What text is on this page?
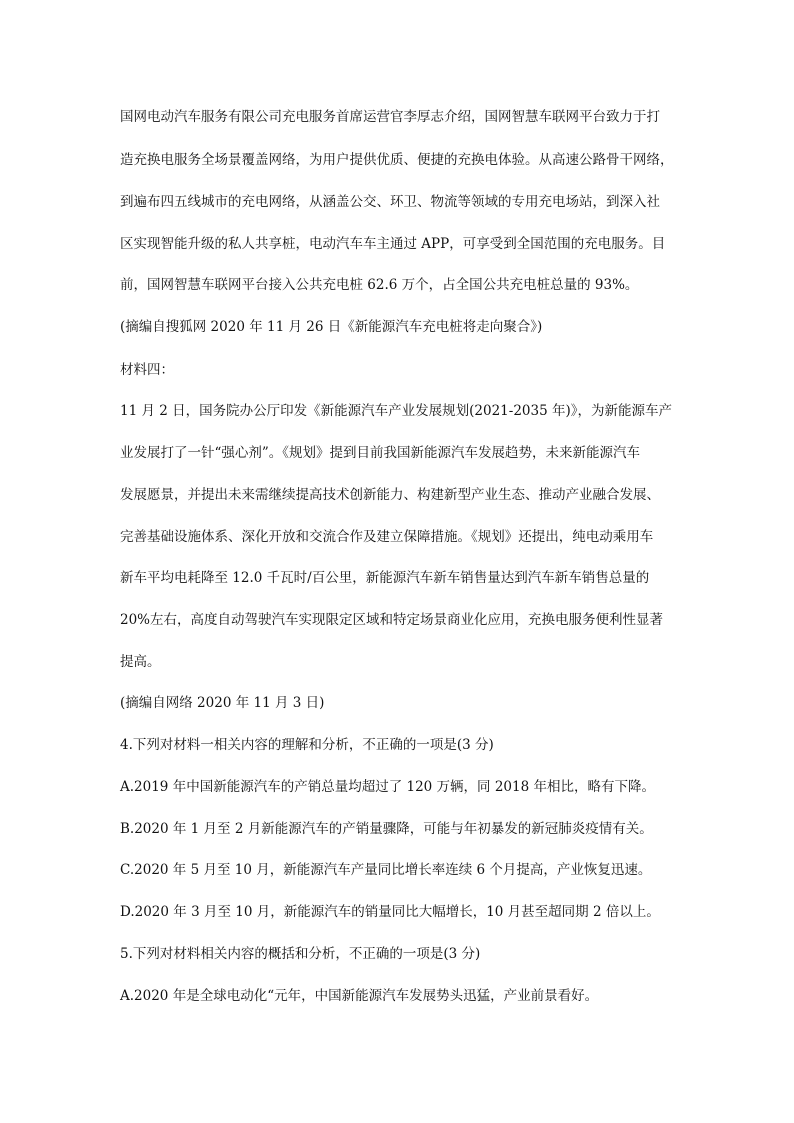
国网电动汽车服务有限公司充电服务首席运营官李厚志介绍，国网智慧车联网平台致力于打
造充换电服务全场景覆盖网络，为用户提供优质、便捷的充换电体验。从高速公路骨干网络，
到遍布四五线城市的充电网络，从涵盖公交、环卫、物流等领域的专用充电场站，到深入社
区实现智能升级的私人共享桩，电动汽车车主通过 APP，可享受到全国范围的充电服务。目
前，国网智慧车联网平台接入公共充电桩 62.6 万个，占全国公共充电桩总量的 93%。
(摘编自搜狐网 2020 年 11 月 26 日《新能源汽车充电桩将走向聚合》)
材料四：
11 月 2 日，国务院办公厅印发《新能源汽车产业发展规划(2021-2035 年)》，为新能源车产
业发展打了一针“强心剂”。《规划》提到目前我国新能源汽车发展趋势，未来新能源汽车
发展愿景，并提出未来需继续提高技术创新能力、构建新型产业生态、推动产业融合发展、
完善基础设施体系、深化开放和交流合作及建立保障措施。《规划》还提出，纯电动乘用车
新车平均电耗降至 12.0 千瓦时/百公里，新能源汽车新车销售量达到汽车新车销售总量的
20%左右，高度自动驾驶汽车实现限定区域和特定场景商业化应用，充换电服务便利性显著
提高。
(摘编自网络 2020 年 11 月 3 日)
4.下列对材料一相关内容的理解和分析，不正确的一项是(3 分)
A.2019 年中国新能源汽车的产销总量均超过了 120 万辆，同 2018 年相比，略有下降。
B.2020 年 1 月至 2 月新能源汽车的产销量骤降，可能与年初暴发的新冠肺炎疫情有关。
C.2020 年 5 月至 10 月，新能源汽车产量同比增长率连续 6 个月提高，产业恢复迅速。
D.2020 年 3 月至 10 月，新能源汽车的销量同比大幅增长，10 月甚至超同期 2 倍以上。
5.下列对材料相关内容的概括和分析，不正确的一项是(3 分)
A.2020 年是全球电动化“元年，中国新能源汽车发展势头迅猛，产业前景看好。
